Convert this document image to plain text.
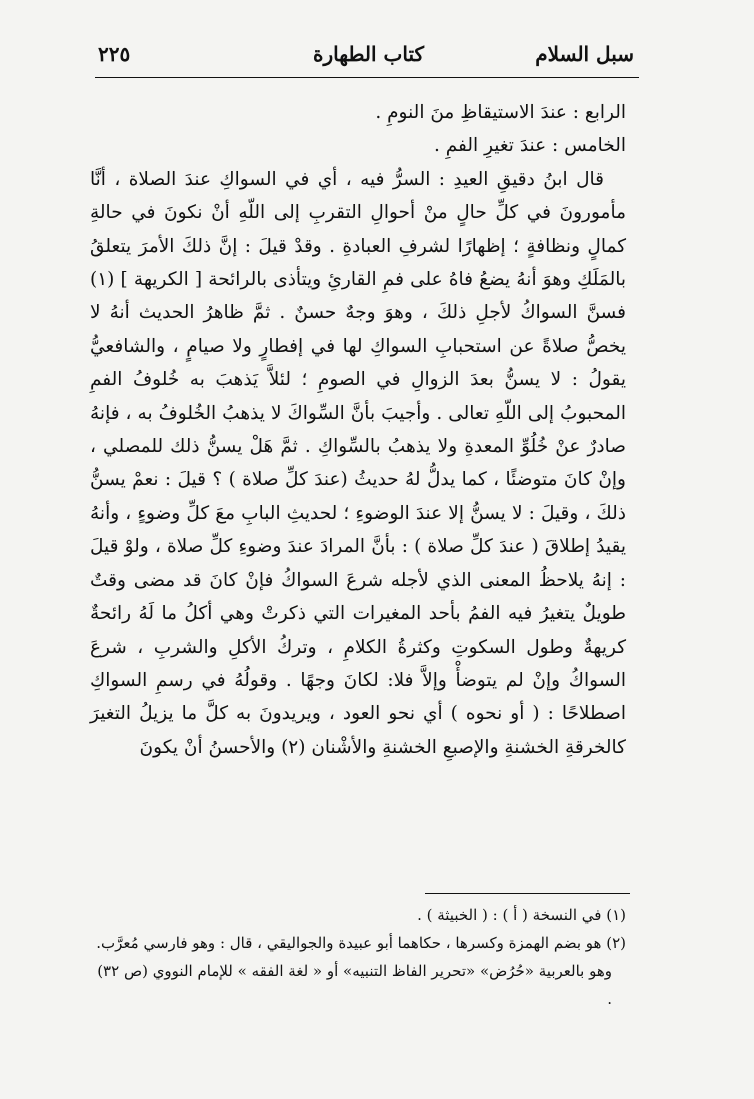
سبل السلام
كتاب الطهارة
٢٢٥

الرابع : عندَ الاستيقاظِ منَ النومِ .

الخامس : عندَ تغيرِ الفمِ .

قال ابنُ دقيقِ العيدِ : السرُّ فيه ، أي في السواكِ عندَ الصلاة ، أنَّا مأمورونَ في كلِّ حالٍ منْ أحوالِ التقربِ إلى اللّهِ أنْ نكونَ في حالةِ كمالٍ ونظافةٍ ؛ إظهارًا لشرفِ العبادةِ . وقدْ قيلَ : إنَّ ذلكَ الأمرَ يتعلقُ بالمَلَكِ وهوَ أنهُ يضعُ فاهُ على فمِ القارئِ ويتأذى بالرائحة [ الكريهة ] (١) فسنَّ السواكُ لأجلِ ذلكَ ، وهوَ وجهٌ حسنٌ . ثمَّ ظاهرُ الحديث أنهُ لا يخصُّ صلاةً عن استحبابِ السواكِ لها في إفطارٍ ولا صيامٍ ، والشافعيُّ يقولُ : لا يسنُّ بعدَ الزوالِ في الصومِ ؛ لئلاَّ يَذهبَ به خُلوفُ الفمِ المحبوبُ إلى اللّهِ تعالى . وأجيبَ بأنَّ السِّواكَ لا يذهبُ الخُلوفُ به ، فإنهُ صادرٌ عنْ خُلُوِّ المعدةِ ولا يذهبُ بالسِّواكِ . ثمَّ هَلْ يسنُّ ذلك للمصلي ، وإنْ كانَ متوضئًا ، كما يدلُّ لهُ حديثُ (عندَ كلِّ صلاة ) ؟ قيلَ : نعمْ يسنُّ ذلكَ ، وقيلَ : لا يسنُّ إلا عندَ الوضوءِ ؛ لحديثِ البابِ معَ كلِّ وضوءٍ ، وأنهُ يقيدُ إطلاقَ ( عندَ كلِّ صلاة ) : بأنَّ المرادَ عندَ وضوءِ كلِّ صلاة ، ولوْ قيلَ : إنهُ يلاحظُ المعنى الذي لأجله شرعَ السواكُ فإنْ كانَ قد مضى وقتٌ طويلٌ يتغيرُ فيه الفمُ بأحد المغيرات التي ذكرتْ وهي أكلُ ما لَهُ رائحةٌ كريهةٌ وطول السكوتِ وكثرةُ الكلامِ ، وتركُ الأكلِ والشربِ ، شرعَ السواكُ وإنْ لم يتوضأْ وإلاَّ فلا: لكانَ وجهًا . وقولُهُ في رسمِ السواكِ اصطلاحًا : ( أو نحوه ) أي نحو العود ، ويريدونَ به كلَّ ما يزيلُ التغيرَ كالخرقةِ الخشنةِ والإصبعِ الخشنةِ والأشْنان (٢) والأحسنُ أنْ يكونَ

(١) في النسخة ( أ ) : ( الخبيثة ) .

(٢) هو بضم الهمزة وكسرها ، حكاهما أبو عبيدة والجواليقي ، قال : وهو فارسي مُعرَّب.

وهو بالعربية «حُرُض» «تحرير الفاظ التنبيه» أو « لغة الفقه » للإمام النووي (ص ٣٢) .
